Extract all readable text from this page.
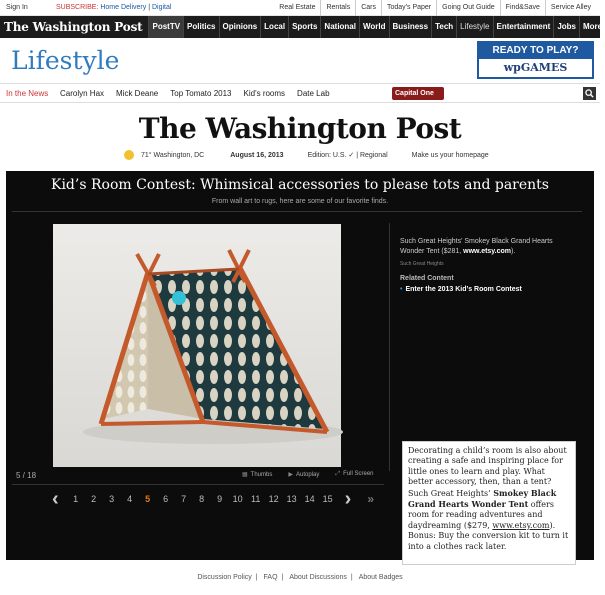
Sign In	SUBSCRIBE: Home Delivery | Digital	Real Estate	Rentals	Cars	Today's Paper	Going Out Guide	Find&Save	Service Alley
The Washington Post	PostTV Politics Opinions Local Sports National World Business Tech Lifestyle Entertainment Jobs More
Lifestyle	READY TO PLAY?
wpGAMES
In the News Carolyn Hax Mick Deane Top Tomato 2013 Kid's rooms Date Lab	Capital One 360
The Washington Post
71° Washington, DC	August 16, 2013	Edition: U.S. ✓ | Regional	Make us your homepage
Kid’s Room Contest: Whimsical accessories to please tots and parents
From wall art to rugs, here are some of our favorite finds.
Such Great Heights' Smokey Black Grand Hearts Wonder Tent ($281, www.etsy.com).
Such Great Heights
Related Content
• Enter the 2013 Kid’s Room Contest
5 / 18	▦ Thumbs	▶ Autoplay	⤢ Full Screen
‹	1	2	3	4	5	6	7	8	9	10 11 12 13 14 15 › »
Decorating a child’s room is also about creating a safe and inspiring place for little ones to learn and play. What better accessory, then, than a tent? Such Great Heights’ Smokey Black Grand Hearts Wonder Tent offers room for reading adventures and daydreaming ($279, www.etsy.com). Bonus: Buy the conversion kit to turn it into a clothes rack later.
Discussion Policy | FAQ | About Discussions | About Badges
